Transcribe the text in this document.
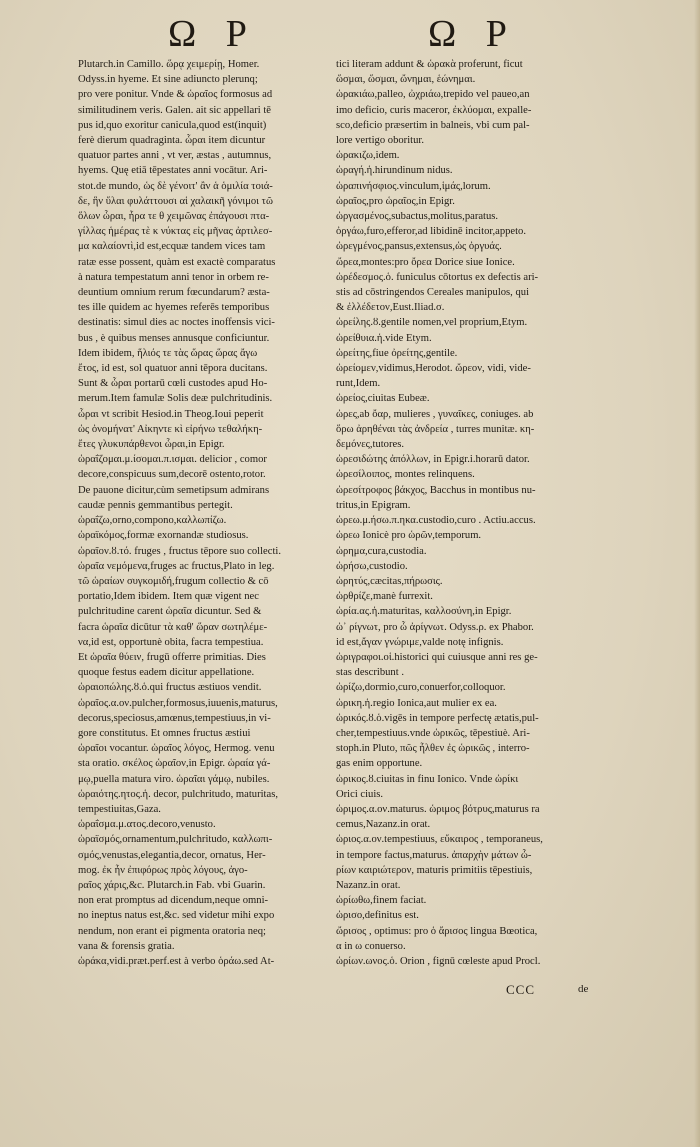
Ω P	Ω P
Plutarch.in Camillo. ὥρᾳ χειμερίῃ, Homer.
Odyss.in hyeme. Et sine adiuncto plerunq;
pro vere ponitur. Vnde & ὡραῖος formosus ad
similitudinem veris. Galen. ait sic appellari tē
pus id,quo exoritur canicula,quod est(inquit)
ferè dierum quadraginta. ὧραι item dicuntur
quatuor partes anni , vt ver, æstas , autumnus,
hyems. Quę etiā tēpestates anni vocātur. Ari-
stot.de mundo, ὡς δὲ γένοιτ' ἂν ἁ ὁμιλία τοιά-
δε, ἣν ὕλαι φυλάττουσι αἱ χαλαικῆ γόνιμοι τῶ
ὅλων ὧραι, ἦρα τε θ χειμῶνας ἐπάγουσι πτα-
γίλλας ἡμέρας τὲ κ νύκτας εἰς μῆνας ἀρτιλεσ-
μα καλαίοντὶ,id est,ecquæ tandem vices tam
ratæ esse possent, quàm est exactè comparatus
à natura tempestatum anni tenor in orbem re-
deuntium omnium rerum fœcundarum? æsta-
tes ille quidem ac hyemes referēs temporibus
destinatis: simul dies ac noctes inoffensis vici-
bus , è quibus menses annusque conficiuntur.
Idem ibidem, ἥλιός τε τὰς ὥρας ὥρας ἄγω
ἔτος, id est, sol quatuor anni tēpora ducitans.
Sunt & ὧραι portarū cœli custodes apud Ho-
merum.Item famulæ Solis deæ pulchritudinis.
ὧραι vt scribit Hesiod.in Theog.Ioui peperit
ὡς ὀνομήνατ' Αἰκηντε κὶ εἰρήνω τεθαλήκη-
ἔτες γλυκυπάρθενοι ὧραι,in Epigr.
ὡραΐζομαι.μ.ίσομαι.π.ισμαι. delicior , comor
decore,conspicuus sum,decorē ostento,rotor.
De pauone dicitur,cùm semetipsum admirans
caudæ pennis gemmantibus pertegit.
ὡραΐζω,orno,compono,καλλωπίζω.
ὡραϊκόμος,formæ exornandæ studiosus.
ὡραῖον.ȣ.τό. fruges , fructus tēpore suo collecti.
ὡραῖα νεμόμενα,fruges ac fructus,Plato in leg.
τῶ ὡραίων συγκομιδή,frugum collectio & cō
portatio,Idem ibidem. Item quæ vigent nec
pulchritudine carent ὡραῖα dicuntur. Sed &
facra ὡραῖα dicūtur τὰ καθ' ὥραν σωτηλέμε-
να,id est, opportunè obita, facra tempestiua.
Et ὡραῖα θύειν, frugū offerre primitias. Dies
quoque festus eadem dicitur appellatione.
ὡραιοπώλης.ȣ.ὁ.qui fructus æstiuos vendit.
ὡραῖος.α.ον.pulcher,formosus,iuuenis,maturus,
decorus,speciosus,amœnus,tempestiuus,in vi-
gore constitutus. Et omnes fructus æstiui
ὡραῖοι vocantur. ὡραῖος λόγος, Hermog. venu
sta oratio. σκέλος ὡραῖον,in Epigr. ὡραία γά-
μῳ,puella matura viro. ὡραῖαι γάμῳ, nubiles.
ὡραιότης.ητος.ἡ. decor, pulchritudo, maturitas,
tempestiuitas,Gaza.
ὡραΐσμα.μ.ατος.decoro,venusto.
ὡραϊσμός,ornamentum,pulchritudo, καλλωπι-
σμός,venustas,elegantia,decor, ornatus, Her-
mog. ἐκ ἦν ἐπιφόρως πρὸς λόγους, ἀγο-
ραῖος χάρις,&c. Plutarch.in Fab. vbi Guarin.
non erat promptus ad dicendum,neque omni-
no ineptus natus est,&c. sed videtur mihi expo
nendum, non erant ei pigmenta oratoria neq;
vana & forensis gratia.
ὡράκα,vidi.præt.perf.est à verbo ὁράω.sed At-
tici literam addunt & ὡρακὰ proferunt, ficut
ὥσμαι, ὥσμαι, ὤνημαι, ἑώνημαι.
ὡρακιάω,palleo, ὠχριάω,trepido vel paueo,an
imo deficio, curis maceror, ἐκλύομαι, expalle-
sco,deficio præsertim in balneis, vbi cum pal-
lore vertigo oboritur.
ὡρακιζω,idem.
ὡραγή.ἡ.hirundinum nidus.
ὡραπινήσφιος.vinculum,ἱμάς,lorum.
ὡραῖος,pro ὡραῖος,in Epigr.
ὠργασμένος,subactus,molitus,paratus.
ὀργάω,furo,efferor,ad libidinē incitor,appeto.
ὠρεγμένος,pansus,extensus,ὡς ὀργυάς.
ὤρεα,montes:pro ὄρεα Dorice siue Ionice.
ὠρέδεσμος.ὁ. funiculus cōtortus ex defectis ari-
stis ad cōstringendos Cereales manipulos, qui
& ἐλλέδετον,Eust.Iliad.σ.
ὠρείλης.ȣ.gentile nomen,vel proprium,Etym.
ὠρείθυια.ἡ.vide Etym.
ὠρείτης,fiue ὀρείτης,gentile.
ὠρείομεν,vidimus,Herodot. ὤρεον, vidi, vide-
runt,Idem.
ὠρείος,ciuitas Eubeæ.
ὠρες,ab ὄαρ, mulieres , γυναῖκες, coniuges. ab
ὅρω ἀρηθέναι τὰς ἀνδρεία , turres munitæ. κη-
δεμόνες,tutores.
ὠρεσιδώτης ἀπόλλων, in Epigr.i.horarū dator.
ὠρεσίλοιπος, montes relinquens.
ὠρεσίτροφος βάκχος, Bacchus in montibus nu-
tritus,in Epigram.
ὠρεω.μ.ήσω.π.ηκα.custodio,curo . Actiu.accus.
ὠρεω Ionicè pro ὡρῶν,temporum.
ὠρημα,cura,custodia.
ὠρήσω,custodio.
ὠρητύς,cæcitas,πήρωσις.
ὠρθρίζε,manè furrexit.
ὠρία.ας.ἡ.maturitas, καλλοσύνη,in Epigr.
ὠ᾽ ρίγνωτ, pro ὦ ἀρίγνωτ. Odyss.ρ. ex Phabor.
id est,ἄγαν γνώριμε,valde notę infignis.
ὠριγραφοι.οἱ.historici qui cuiusque anni res ge-
stas describunt .
ὠρίζω,dormio,curo,conuerfor,colloquor.
ὠρικη.ἡ.regio Ionica,aut mulier ex ea.
ὠρικός.ȣ.ὁ.vigēs in tempore perfectę ætatis,pul-
cher,tempestiuus.vnde ὡρικῶς, tēpestiuè. Ari-
stoph.in Pluto, πῶς ἦλθεν ἐς ὡρικῶς , interro-
gas enim opportune.
ὠρικος.ȣ.ciuitas in finu Ionico. Vnde ὠρίκι
Orici ciuis.
ὡριμος.α.ον.maturus. ὡριμος βότρυς,maturus ra
cemus,Nazanz.in orat.
ὡριος.α.ον.tempestiuus, εὔκαιρος , temporaneus,
in tempore factus,maturus. ἀπαρχὴν μάτων ὦ-
ρίων καιριώτερον, maturis primitiis tēpestiuis,
Nazanz.in orat.
ὠρίωθω,finem faciat.
ὠρισο,definitus est.
ὤρισος , optimus: pro ὁ ἄρισος lingua Bœotica,
α in ω conuerso.
ὡρίων.ωνος.ὁ. Orion , fignū cœleste apud Procl.
CCC	de
